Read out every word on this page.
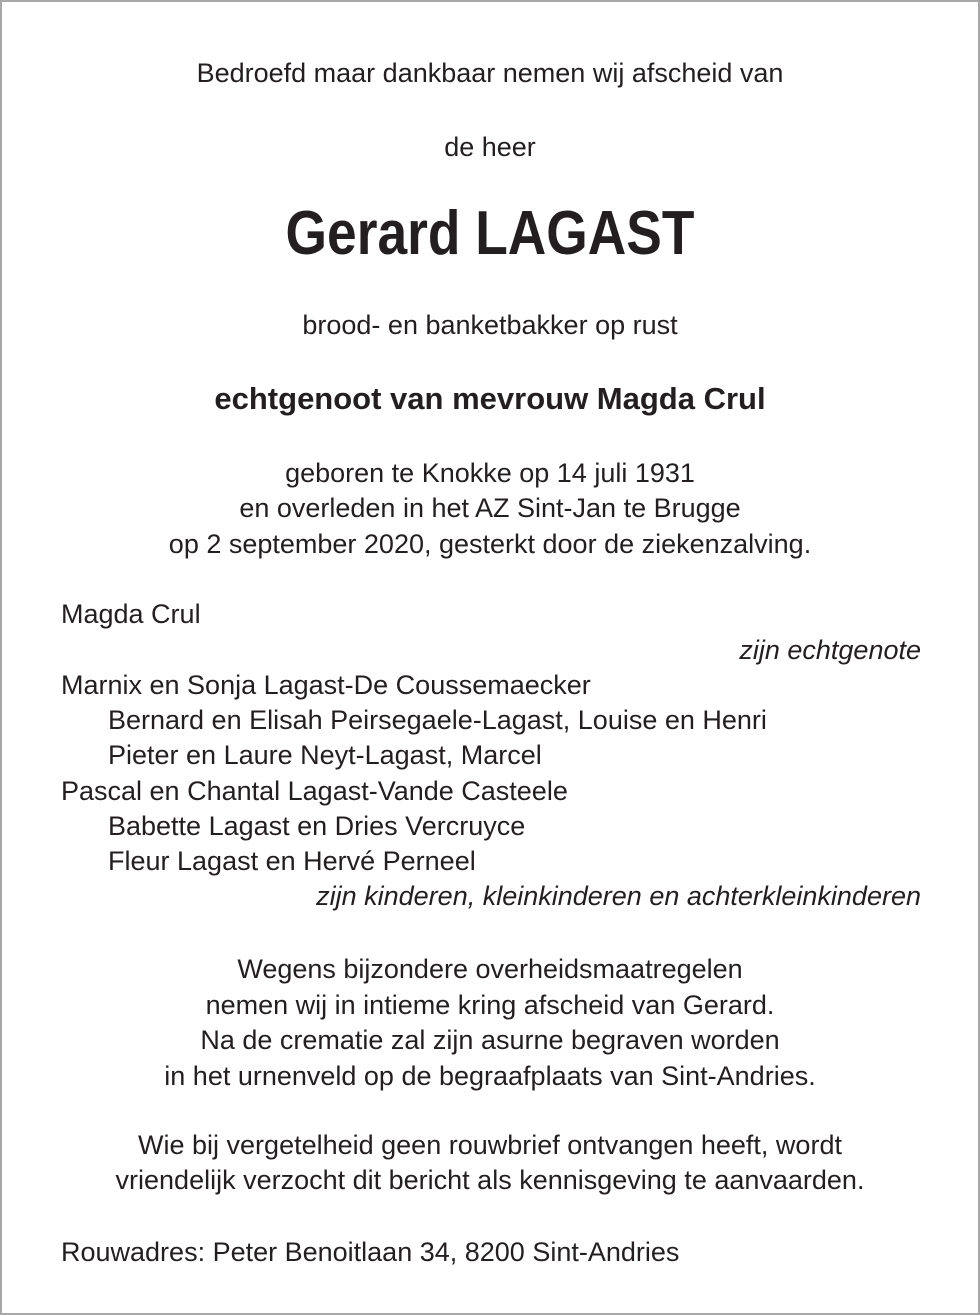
Bedroefd maar dankbaar nemen wij afscheid van
de heer
Gerard LAGAST
brood- en banketbakker op rust
echtgenoot van mevrouw Magda Crul
geboren te Knokke op 14 juli 1931
en overleden in het AZ Sint-Jan te Brugge
op 2 september 2020, gesterkt door de ziekenzalving.
Magda Crul
zijn echtgenote
Marnix en Sonja Lagast-De Coussemaecker
Bernard en Elisah Peirsegaele-Lagast, Louise en Henri
Pieter en Laure Neyt-Lagast, Marcel
Pascal en Chantal Lagast-Vande Casteele
Babette Lagast en Dries Vercruyce
Fleur Lagast en Hervé Perneel
zijn kinderen, kleinkinderen en achterkleinkinderen
Wegens bijzondere overheidsmaatregelen
nemen wij in intieme kring afscheid van Gerard.
Na de crematie zal zijn asurne begraven worden
in het urnenveld op de begraafplaats van Sint-Andries.
Wie bij vergetelheid geen rouwbrief ontvangen heeft, wordt
vriendelijk verzocht dit bericht als kennisgeving te aanvaarden.
Rouwadres: Peter Benoitlaan 34, 8200 Sint-Andries
